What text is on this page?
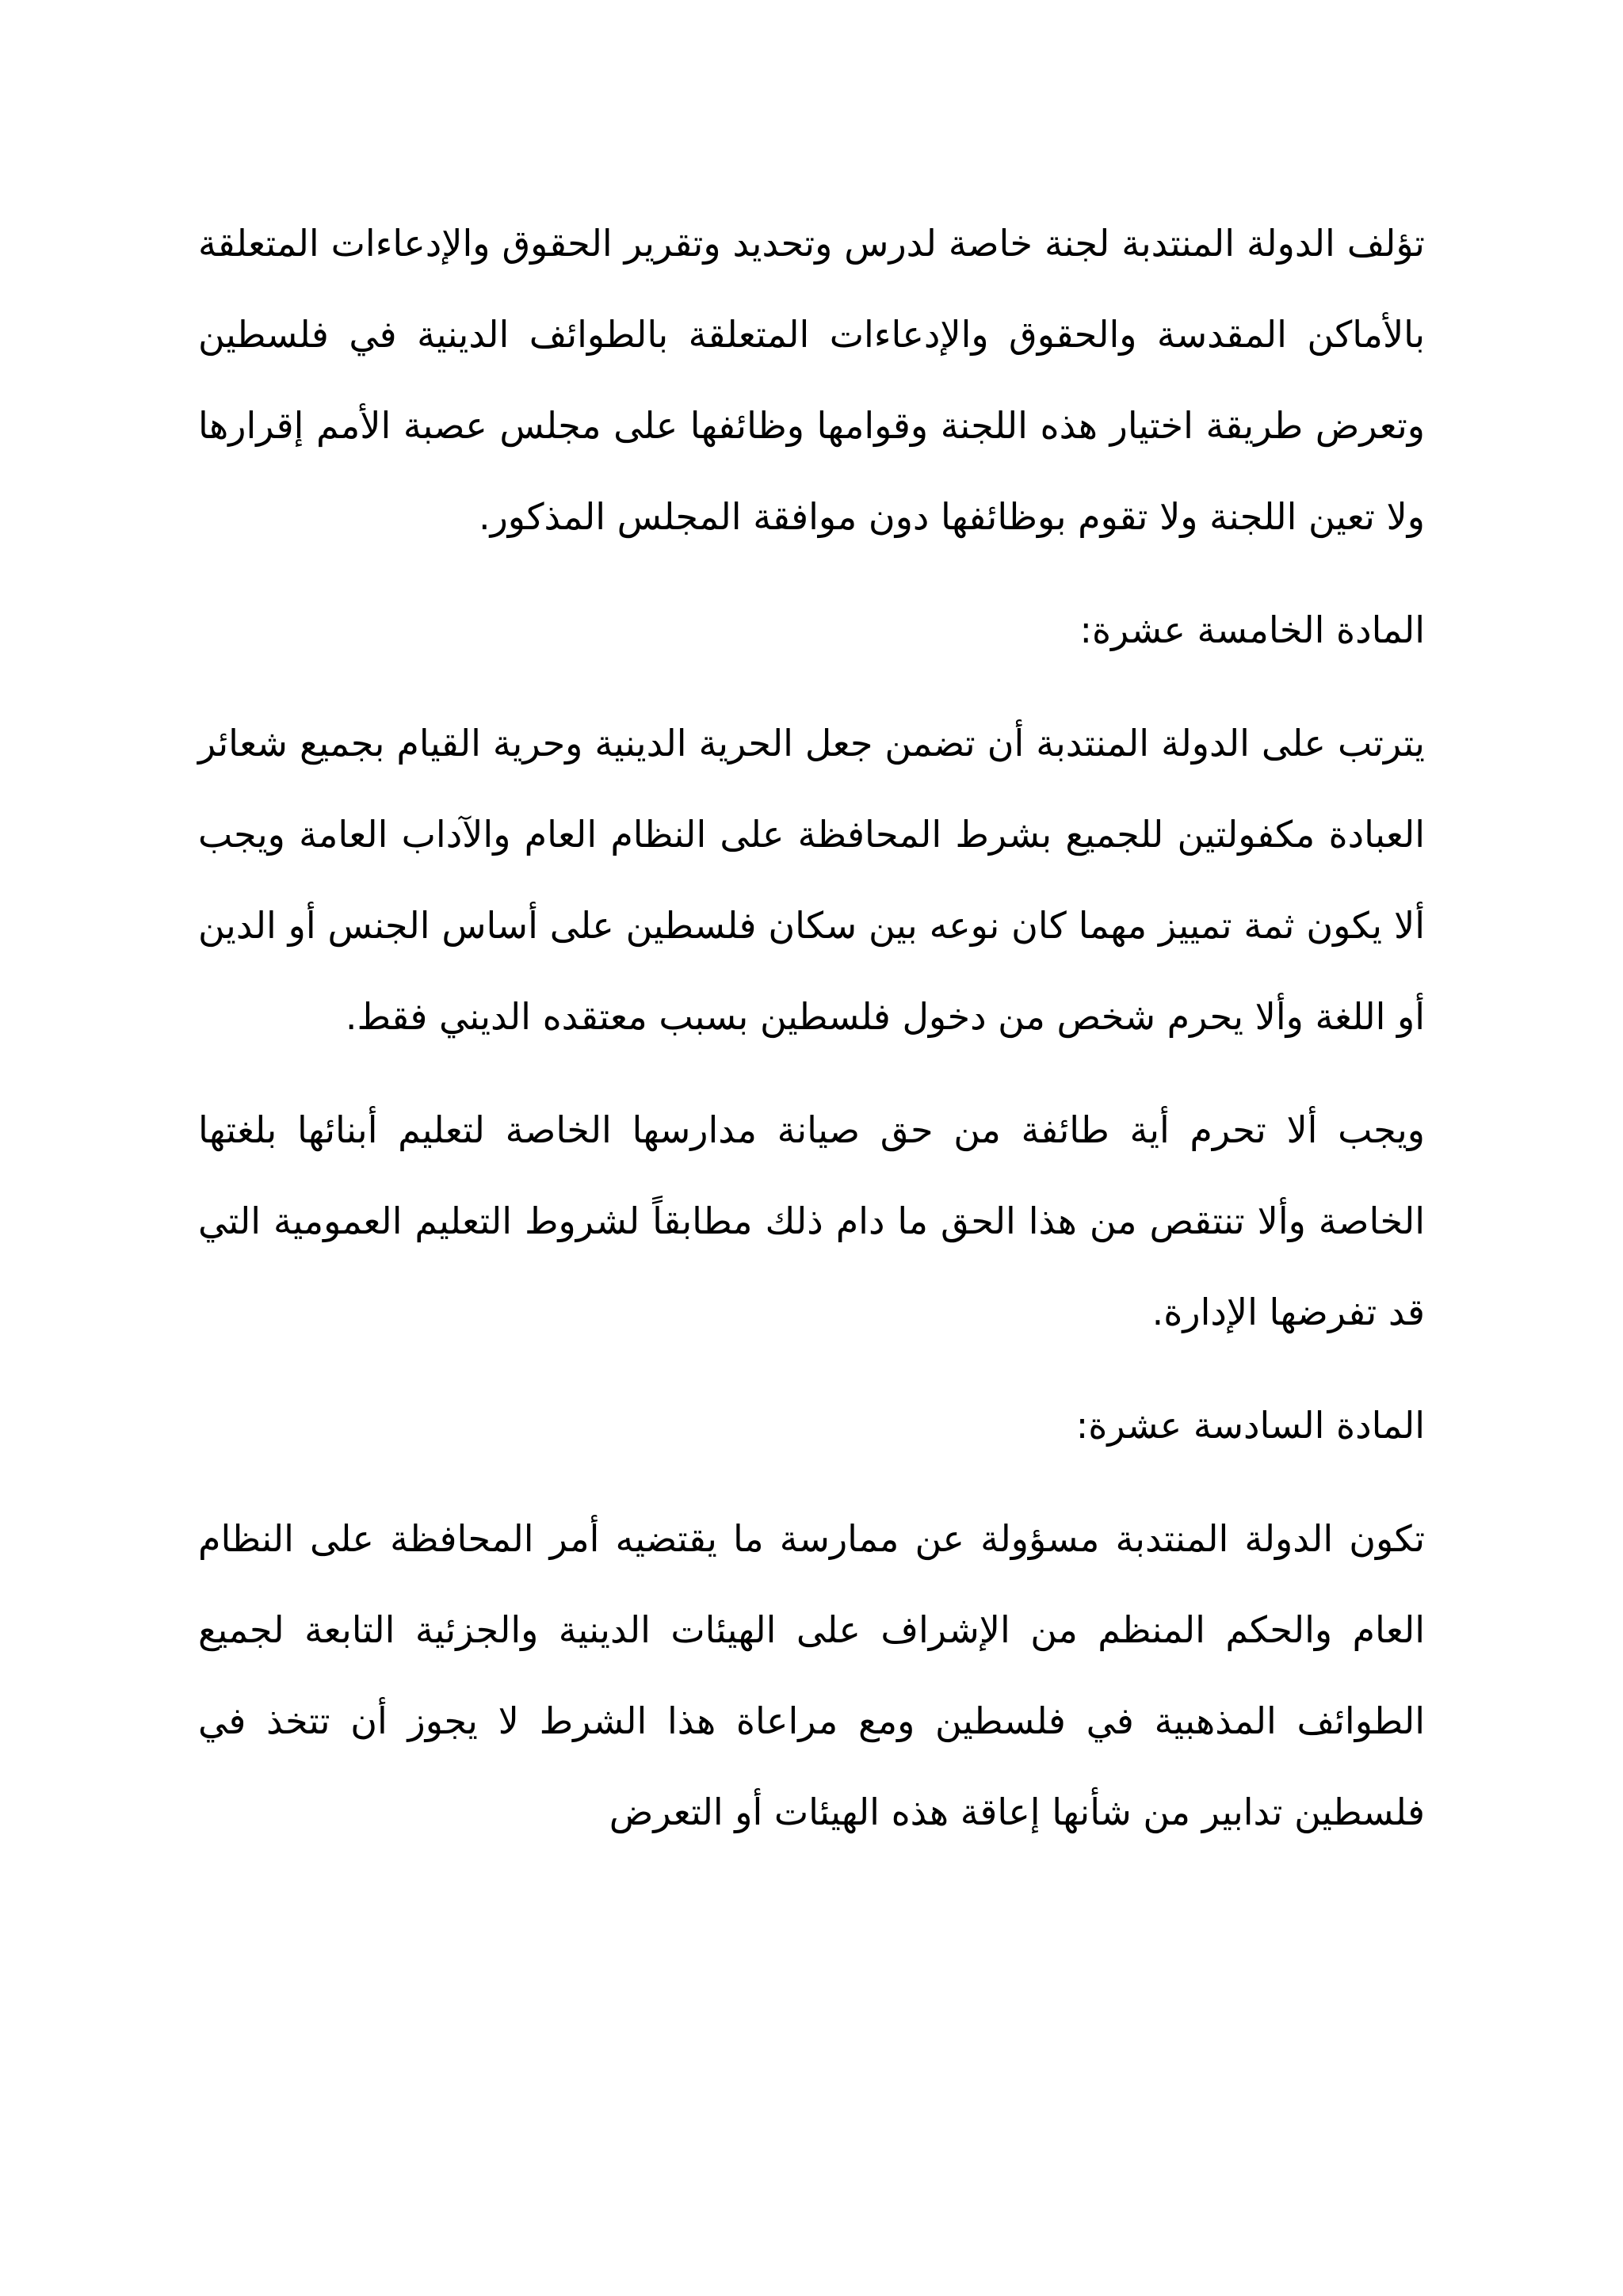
تؤلف الدولة المنتدبة لجنة خاصة لدرس وتحديد وتقرير الحقوق والإدعاءات المتعلقة بالأماكن المقدسة والحقوق والإدعاءات المتعلقة بالطوائف الدينية في فلسطين وتعرض طريقة اختيار هذه اللجنة وقوامها وظائفها على مجلس عصبة الأمم إقرارها ولا تعين اللجنة ولا تقوم بوظائفها دون موافقة المجلس المذكور.

المادة الخامسة عشرة:

يترتب على الدولة المنتدبة أن تضمن جعل الحرية الدينية وحرية القيام بجميع شعائر العبادة مكفولتين للجميع بشرط المحافظة على النظام العام والآداب العامة ويجب ألا يكون ثمة تمييز مهما كان نوعه بين سكان فلسطين على أساس الجنس أو الدين أو اللغة وألا يحرم شخص من دخول فلسطين بسبب معتقده الديني فقط.

ويجب ألا تحرم أية طائفة من حق صيانة مدارسها الخاصة لتعليم أبنائها بلغتها الخاصة وألا تنتقص من هذا الحق ما دام ذلك مطابقاً لشروط التعليم العمومية التي قد تفرضها الإدارة.

المادة السادسة عشرة:

تكون الدولة المنتدبة مسؤولة عن ممارسة ما يقتضيه أمر المحافظة على النظام العام والحكم المنظم من الإشراف على الهيئات الدينية والجزئية التابعة لجميع الطوائف المذهبية في فلسطين ومع مراعاة هذا الشرط لا يجوز أن تتخذ في فلسطين تدابير من شأنها إعاقة هذه الهيئات أو التعرض
